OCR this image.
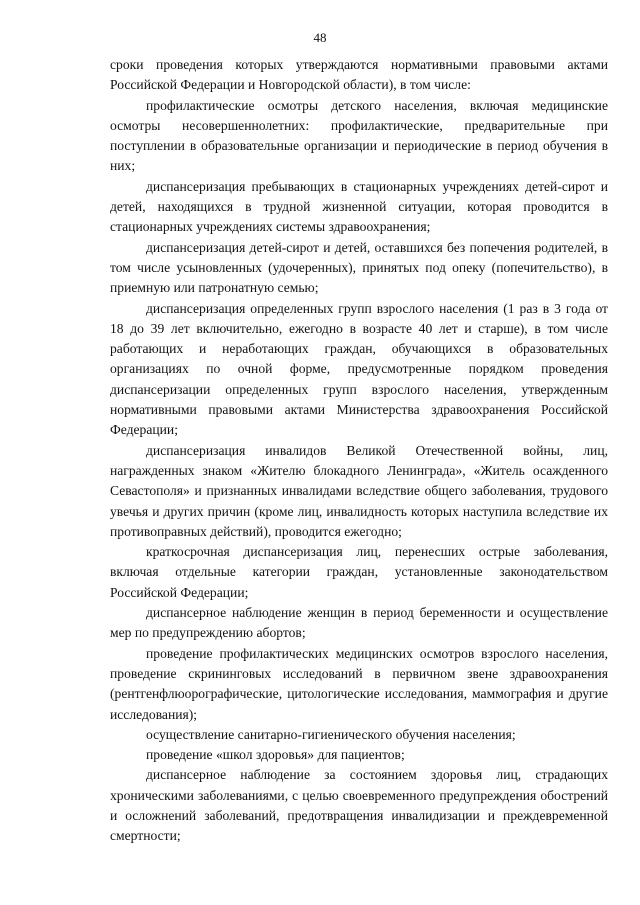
48

сроки проведения которых утверждаются нормативными правовыми актами Российской Федерации и Новгородской области), в том числе:

профилактические осмотры детского населения, включая медицинские осмотры несовершеннолетних: профилактические, предварительные при поступлении в образовательные организации и периодические в период обучения в них;

диспансеризация пребывающих в стационарных учреждениях детей-сирот и детей, находящихся в трудной жизненной ситуации, которая проводится в стационарных учреждениях системы здравоохранения;

диспансеризация детей-сирот и детей, оставшихся без попечения родителей, в том числе усыновленных (удочеренных), принятых под опеку (попечительство), в приемную или патронатную семью;

диспансеризация определенных групп взрослого населения (1 раз в 3 года от 18 до 39 лет включительно, ежегодно в возрасте 40 лет и старше), в том числе работающих и неработающих граждан, обучающихся в образовательных организациях по очной форме, предусмотренные порядком проведения диспансеризации определенных групп взрослого населения, утвержденным нормативными правовыми актами Министерства здравоохранения Российской Федерации;

диспансеризация инвалидов Великой Отечественной войны, лиц, награжденных знаком «Жителю блокадного Ленинграда», «Житель осажденного Севастополя» и признанных инвалидами вследствие общего заболевания, трудового увечья и других причин (кроме лиц, инвалидность которых наступила вследствие их противоправных действий), проводится ежегодно;

краткосрочная диспансеризация лиц, перенесших острые заболевания, включая отдельные категории граждан, установленные законодательством Российской Федерации;

диспансерное наблюдение женщин в период беременности и осуществление мер по предупреждению абортов;

проведение профилактических медицинских осмотров взрослого населения, проведение скрининговых исследований в первичном звене здравоохранения (рентгенфлюорографические, цитологические исследования, маммография и другие исследования);

осуществление санитарно-гигиенического обучения населения;

проведение «школ здоровья» для пациентов;

диспансерное наблюдение за состоянием здоровья лиц, страдающих хроническими заболеваниями, с целью своевременного предупреждения обострений и осложнений заболеваний, предотвращения инвалидизации и преждевременной смертности;
